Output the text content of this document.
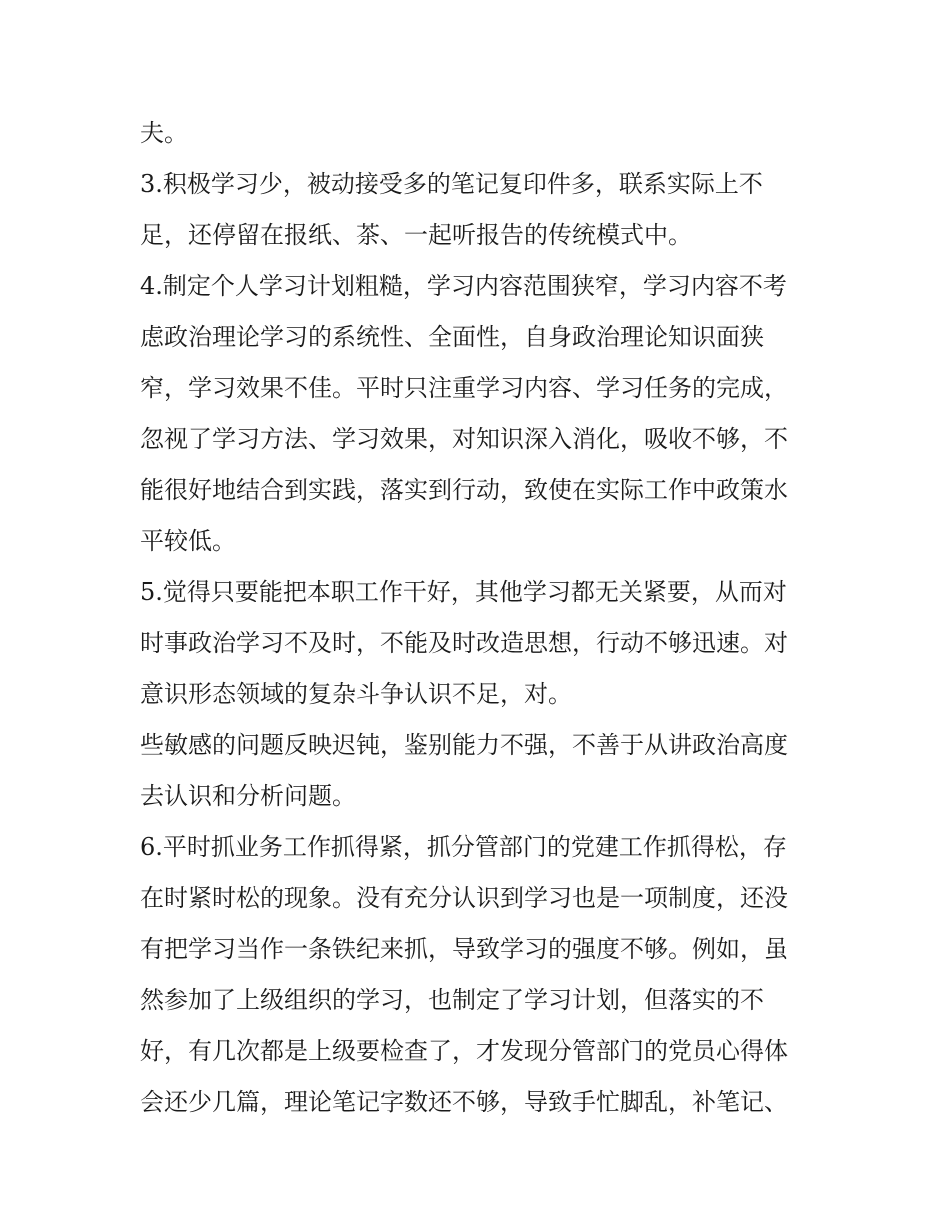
夫。
3.积极学习少，被动接受多的笔记复印件多，联系实际上不
足，还停留在报纸、茶、一起听报告的传统模式中。
4.制定个人学习计划粗糙，学习内容范围狭窄，学习内容不考
虑政治理论学习的系统性、全面性，自身政治理论知识面狭
窄，学习效果不佳。平时只注重学习内容、学习任务的完成，
忽视了学习方法、学习效果，对知识深入消化，吸收不够，不
能很好地结合到实践，落实到行动，致使在实际工作中政策水
平较低。
5.觉得只要能把本职工作干好，其他学习都无关紧要，从而对
时事政治学习不及时，不能及时改造思想，行动不够迅速。对
意识形态领域的复杂斗争认识不足，对。
些敏感的问题反映迟钝，鉴别能力不强，不善于从讲政治高度
去认识和分析问题。
6.平时抓业务工作抓得紧，抓分管部门的党建工作抓得松，存
在时紧时松的现象。没有充分认识到学习也是一项制度，还没
有把学习当作一条铁纪来抓，导致学习的强度不够。例如，虽
然参加了上级组织的学习，也制定了学习计划，但落实的不
好，有几次都是上级要检查了，才发现分管部门的党员心得体
会还少几篇，理论笔记字数还不够，导致手忙脚乱，补笔记、
